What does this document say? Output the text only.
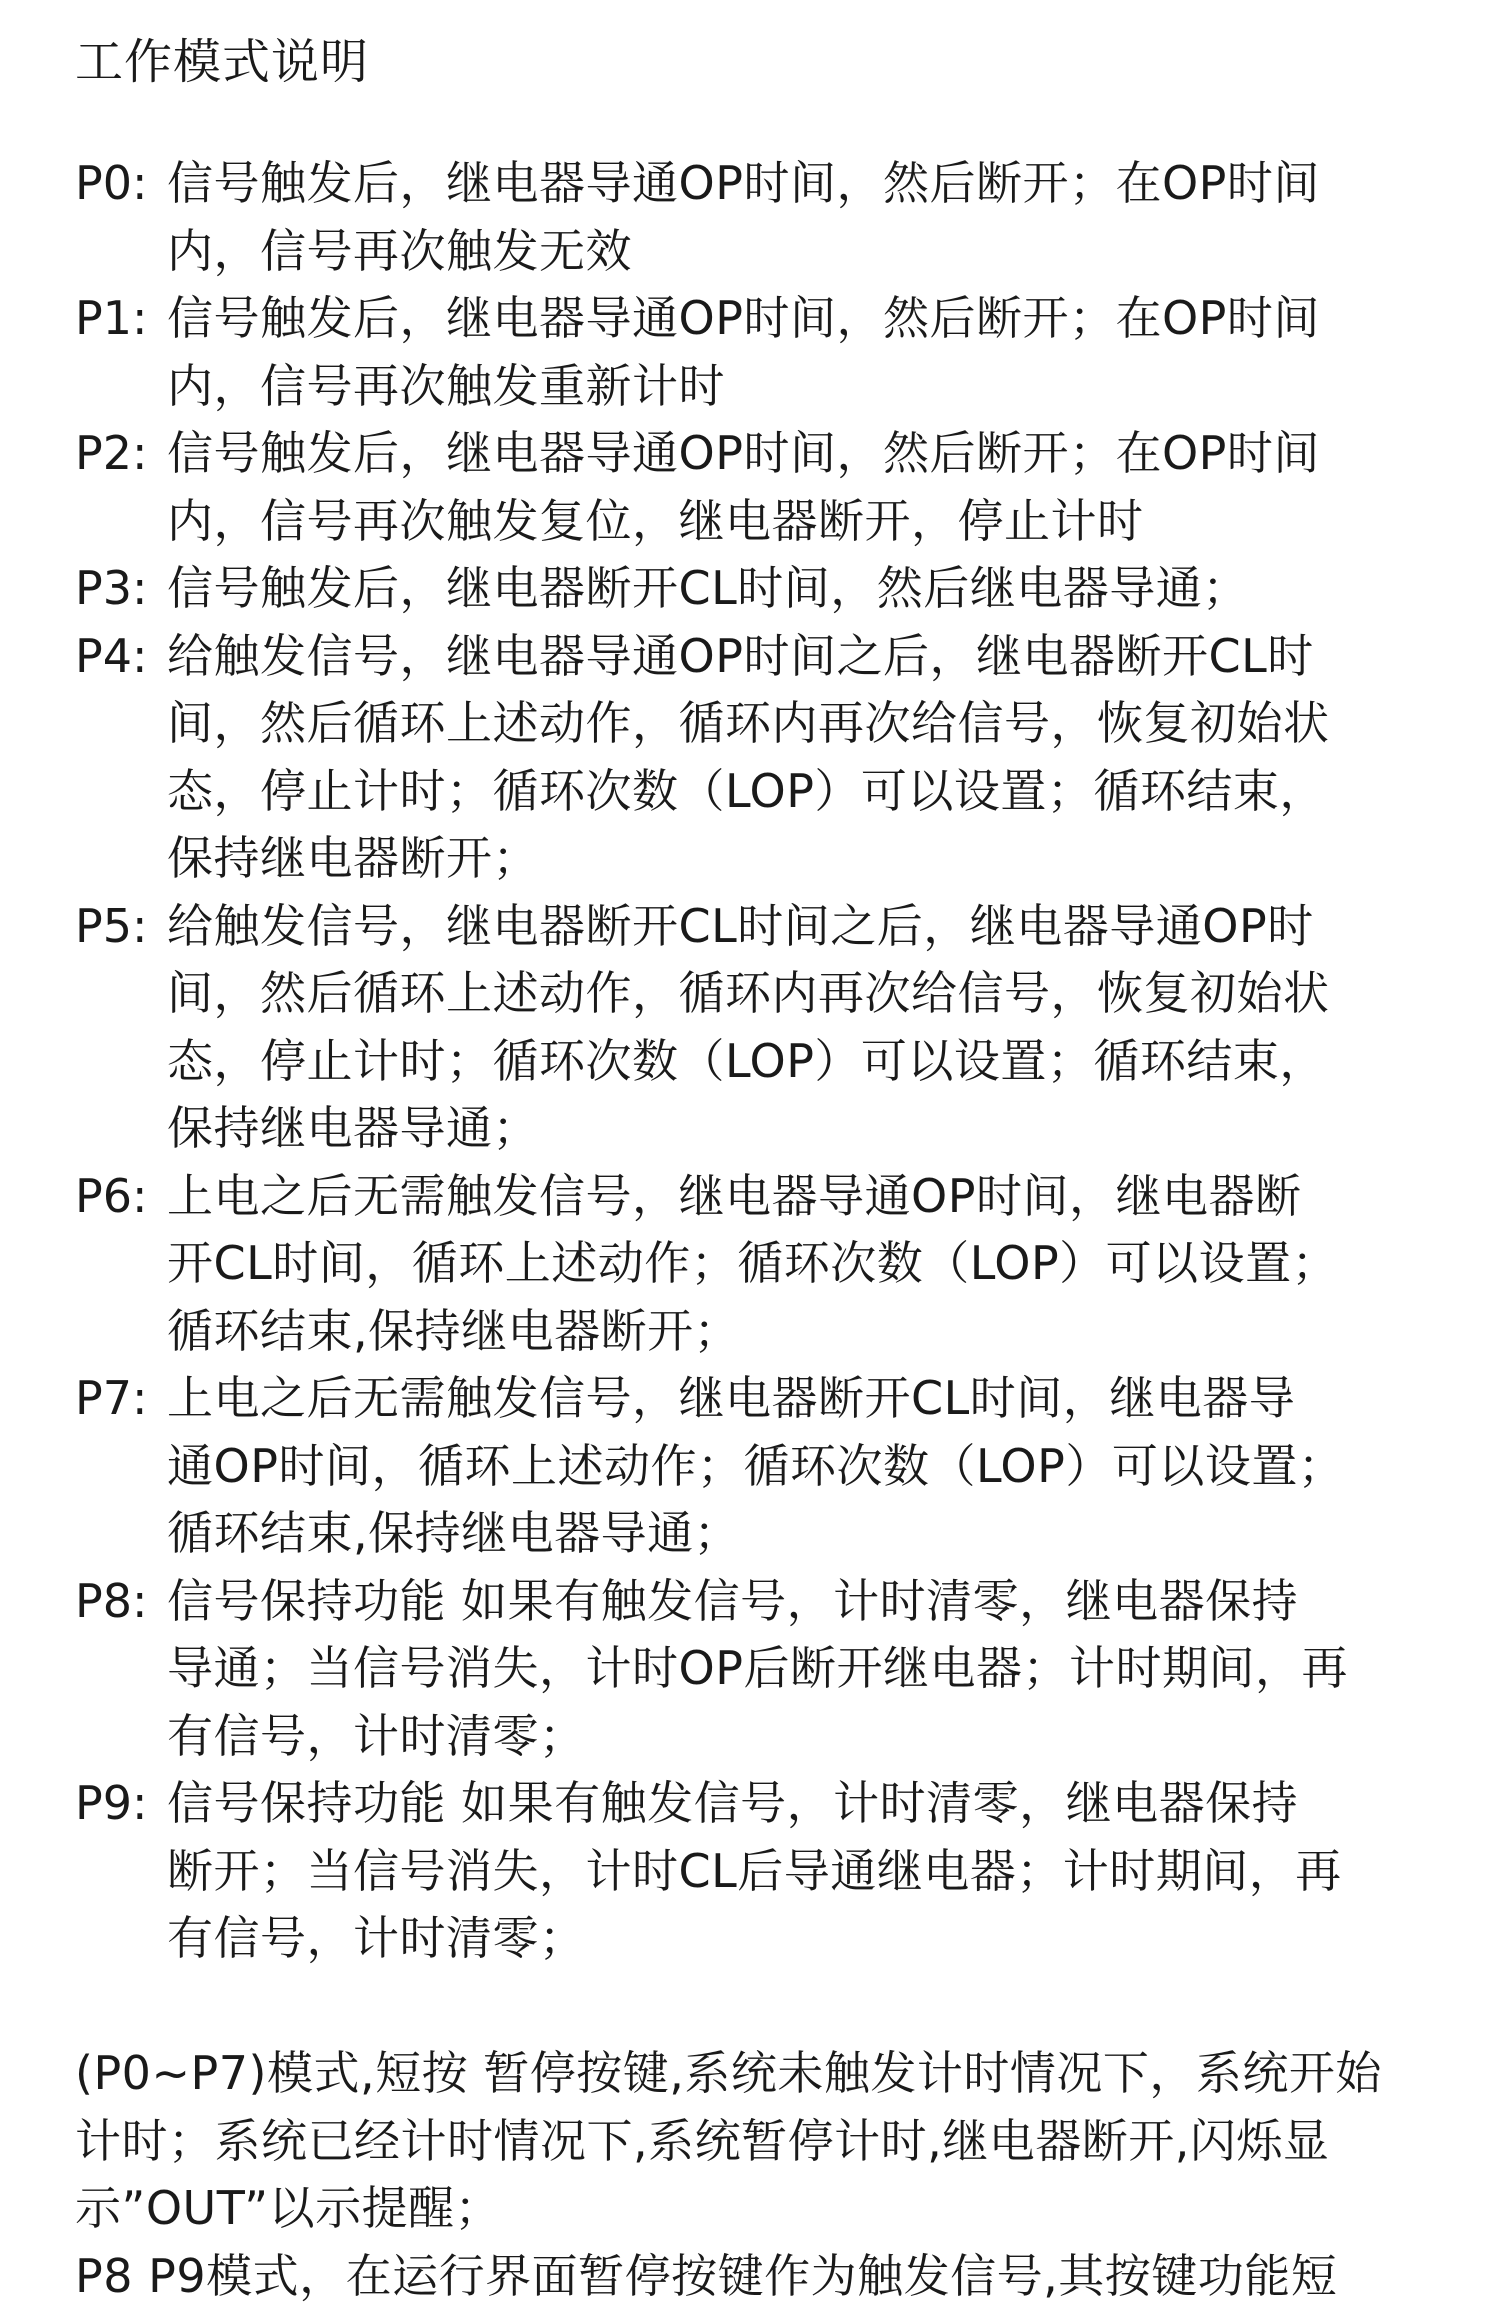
工作模式说明
P0: 信号触发后，继电器导通OP时间，然后断开；在OP时间
内，信号再次触发无效
P1: 信号触发后，继电器导通OP时间，然后断开；在OP时间
内，信号再次触发重新计时
P2: 信号触发后，继电器导通OP时间，然后断开；在OP时间
内，信号再次触发复位，继电器断开，停止计时
P3: 信号触发后，继电器断开CL时间，然后继电器导通；
P4: 给触发信号，继电器导通OP时间之后，继电器断开CL时
间，然后循环上述动作，循环内再次给信号，恢复初始状
态，停止计时；循环次数（LOP）可以设置；循环结束，
保持继电器断开；
P5: 给触发信号，继电器断开CL时间之后，继电器导通OP时
间，然后循环上述动作，循环内再次给信号，恢复初始状
态，停止计时；循环次数（LOP）可以设置；循环结束，
保持继电器导通；
P6: 上电之后无需触发信号，继电器导通OP时间，继电器断
开CL时间，循环上述动作；循环次数（LOP）可以设置；
循环结束,保持继电器断开；
P7: 上电之后无需触发信号，继电器断开CL时间，继电器导
通OP时间，循环上述动作；循环次数（LOP）可以设置；
循环结束,保持继电器导通；
P8: 信号保持功能 如果有触发信号，计时清零，继电器保持
导通；当信号消失，计时OP后断开继电器；计时期间，再
有信号，计时清零；
P9: 信号保持功能 如果有触发信号，计时清零，继电器保持
断开；当信号消失，计时CL后导通继电器；计时期间，再
有信号，计时清零；
(P0~P7)模式,短按 暂停按键,系统未触发计时情况下，系统开始
计时；系统已经计时情况下,系统暂停计时,继电器断开,闪烁显
示”OUT”以示提醒；
P8 P9模式，在运行界面暂停按键作为触发信号,其按键功能短
